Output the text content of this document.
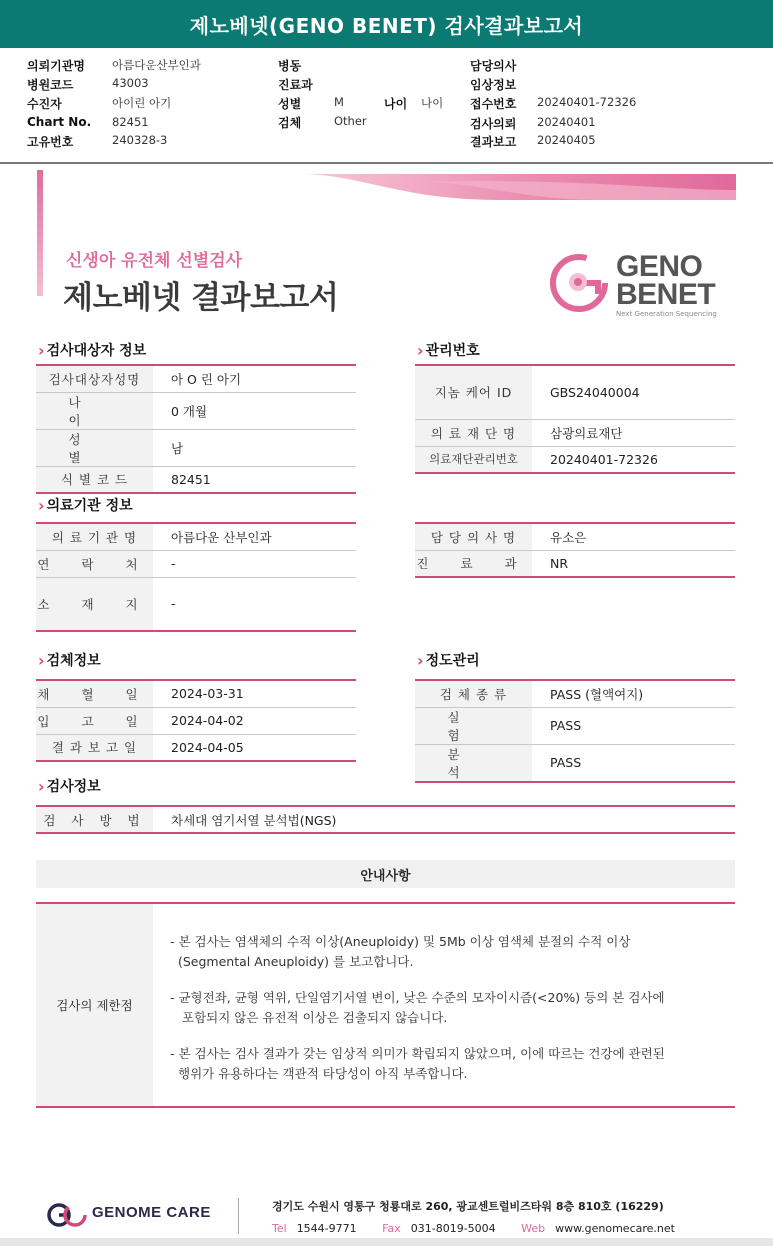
제노베넷(GENO BENET) 검사결과보고서
의뢰기관명 아름다운산부인과
병원코드	43003
수진자	아이린 아기
Chart No. 82451
고유번호	240328-3
병동
진료과
성별	M	나이 나이
검체	Other
담당의사
임상정보
접수번호 20240401-72326
검사의뢰 20240401
결과보고 20240405
신생아 유전체 선별검사
제노베넷 결과보고서
GENO
BENET
Next Generation Sequencing
› 검사대상자 정보
검사대상자성명	아 O 린 아기
나 이	0 개월
성 별	남
식 별 코 드	82451
› 관리번호
지놈 케어 ID	GBS24040004
의 료 재 단 명	삼광의료재단
의료재단관리번호	20240401-72326
› 의료기관 정보
의 료 기 관 명	아름다운 산부인과
연 락 처	-
소 재 지	-
담 당 의 사 명	유소은
진 료 과	NR
› 검체정보
채 혈 일	2024-03-31
입 고 일	2024-04-02
결 과 보 고 일	2024-04-05
› 정도관리
검 체 종 류	PASS (혈액여지)
실 험	PASS
분 석	PASS
› 검사정보
검 사 방 법	차세대 염기서열 분석법(NGS)
안내사항
검사의 제한점

- 본 검사는 염색체의 수적 이상(Aneuploidy) 및 5Mb 이상 염색체 분절의 수적 이상
(Segmental Aneuploidy) 를 보고합니다.

- 균형전좌, 균형 역위, 단일염기서열 변이, 낮은 수준의 모자이시즘(<20%) 등의 본 검사에
포함되지 않은 유전적 이상은 검출되지 않습니다.

- 본 검사는 검사 결과가 갖는 임상적 의미가 확립되지 않았으며, 이에 따르는 건강에 관련된
행위가 유용하다는 객관적 타당성이 아직 부족합니다.

GENOME CARE	경기도 수원시 영통구 청룡대로 260, 광교센트럴비즈타워 8층 810호 (16229)
Tel 1544-9771 Fax 031-8019-5004 Web www.genomecare.net
